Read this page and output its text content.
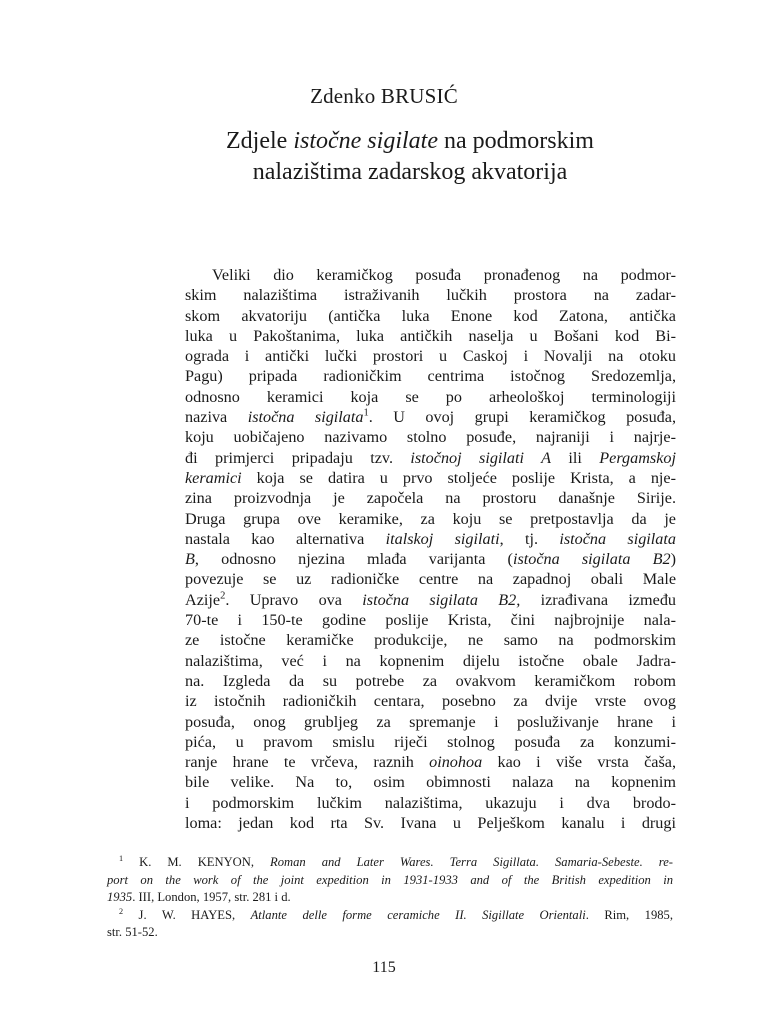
Zdenko BRUSIĆ
Zdjele istočne sigilate na podmorskim
nalazištima zadarskog akvatorija
Veliki dio keramičkog posuđa pronađenog na podmor-
skim nalazištima istraživanih lučkih prostora na zadar-
skom akvatoriju (antička luka Enone kod Zatona, antička
luka u Pakoštanima, luka antičkih naselja u Bošani kod Bi-
ograda i antički lučki prostori u Caskoj i Novalji na otoku
Pagu) pripada radioničkim centrima istočnog Sredozemlja,
odnosno keramici koja se po arheološkoj terminologiji
naziva istočna sigilata$^1$. U ovoj grupi keramičkog posuđa,
koju uobičajeno nazivamo stolno posuđe, najraniji i najrje-
đi primjerci pripadaju tzv. istočnoj sigilati A ili Pergamskoj
keramici koja se datira u prvo stoljeće poslije Krista, a nje-
zina proizvodnja je započela na prostoru današnje Sirije.
Druga grupa ove keramike, za koju se pretpostavlja da je
nastala kao alternativa italskoj sigilati, tj. istočna sigilata
B, odnosno njezina mlađa varijanta (istočna sigilata B2)
povezuje se uz radioničke centre na zapadnoj obali Male
Azije$^2$. Upravo ova istočna sigilata B2, izrađivana između
70-te i 150-te godine poslije Krista, čini najbrojnije nala-
ze istočne keramičke produkcije, ne samo na podmorskim
nalazištima, već i na kopnenim dijelu istočne obale Jadra-
na. Izgleda da su potrebe za ovakvom keramičkom robom
iz istočnih radioničkih centara, posebno za dvije vrste ovog
posuđa, onog grubljeg za spremanje i posluživanje hrane i
pića, u pravom smislu riječi stolnog posuđa za konzumi-
ranje hrane te vrčeva, raznih oinohoa kao i više vrsta čaša,
bile velike. Na to, osim obimnosti nalaza na kopnenim
i podmorskim lučkim nalazištima, ukazuju i dva brodo-
loma: jedan kod rta Sv. Ivana u Pelješkom kanalu i drugi
$^1$ K. M. KENYON, Roman and Later Wares. Terra Sigillata. Samaria-Sebeste. re-
port on the work of the joint expedition in 1931-1933 and of the British expedition in
1935. III, London, 1957, str. 281 i d.
$^2$ J. W. HAYES, Atlante delle forme ceramiche II. Sigillate Orientali. Rim, 1985,
str. 51-52.
115
